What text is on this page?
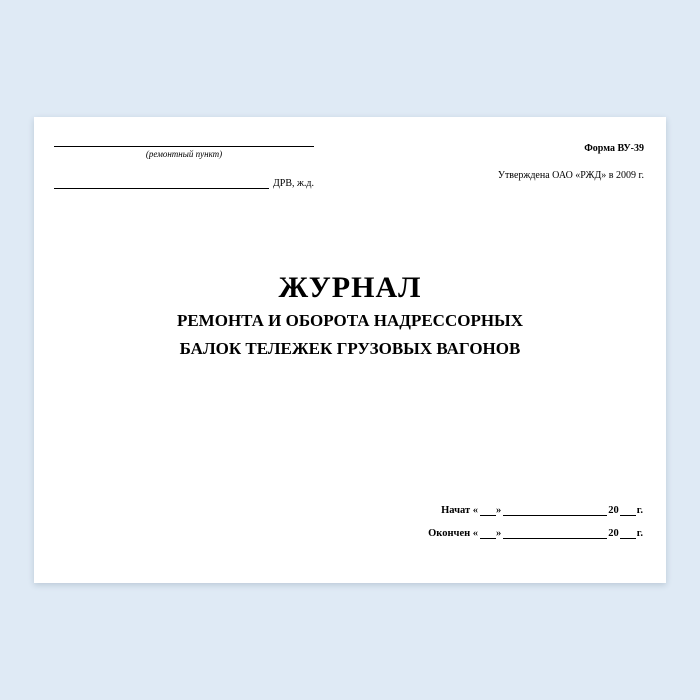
(ремонтный пункт)
ДРВ, ж.д.
Форма ВУ-39
Утверждена ОАО «РЖД» в 2009 г.
ЖУРНАЛ
РЕМОНТА И ОБОРОТА НАДРЕССОРНЫХ
БАЛОК ТЕЛЕЖЕК ГРУЗОВЫХ ВАГОНОВ
Начат « »	20 г.
Окончен « »	20 г.
